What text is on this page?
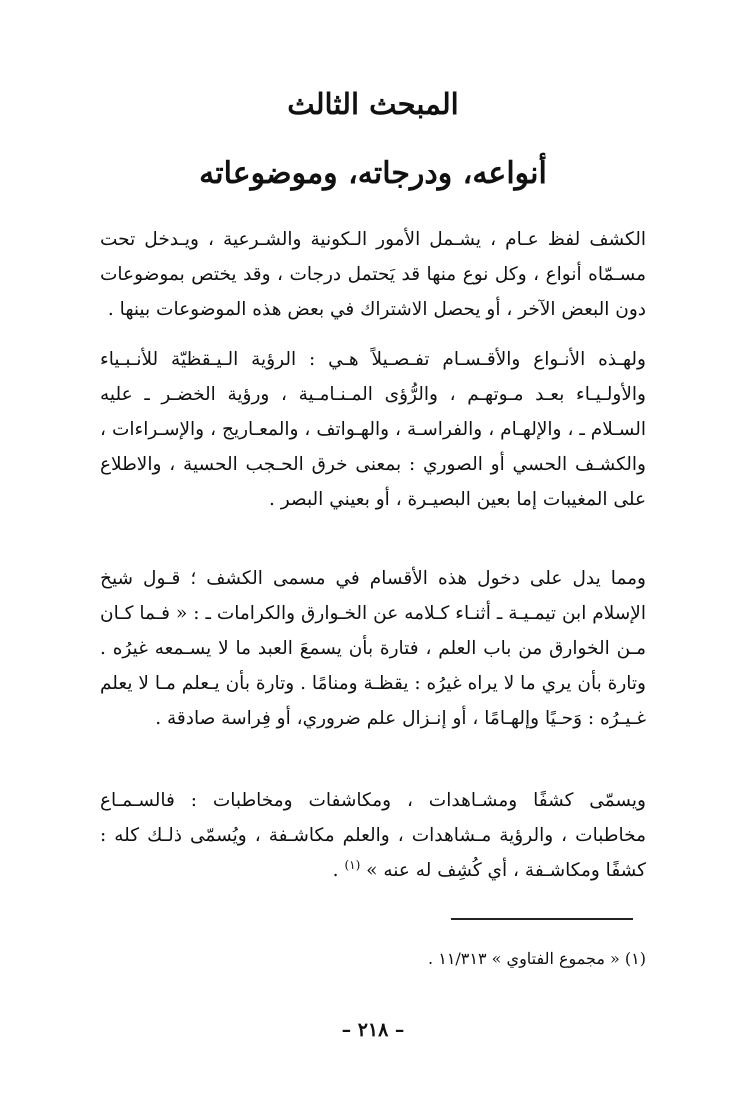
المبحث الثالث
أنواعه، ودرجاته، وموضوعاته

الكشف لفظ عـام ، يشـمل الأمور الـكونية والشـرعية ، ويـدخل تحت مسـمّاه أنواع ، وكل نوع منها قد يَحتمل درجات ، وقد يختص بموضوعات دون البعض الآخر ، أو يحصل الاشتراك في بعض هذه الموضوعات بينها .

ولهـذه الأنـواع والأقـسـام تفـصـيلاً هـي : الرؤية الـيـقظيّة للأنـبـياء والأولـيـاء بعـد مـوتهـم ، والرُّؤى المـنـامـية ، ورؤية الخضـر ـ عليه السـلام ـ ، والإلهـام ، والفراسـة ، والهـواتف ، والمعـاريج ، والإسـراءات ، والكشـف الحسي أو الصوري : بمعنى خرق الحـجب الحسية ، والاطلاع على المغيبات إما بعين البصيـرة ، أو بعيني البصر .

ومما يدل على دخول هذه الأقسام في مسمى الكشف ؛ قـول شيخ الإسلام ابن تيمـيـة ـ أثنـاء كـلامه عن الخـوارق والكرامات ـ : « فـما كـان مـن الخوارق من باب العلم ، فتارة بأن يسمعَ العبد ما لا يسـمعه غيرُه . وتارة بأن يري ما لا يراه غيرُه : يقظـة ومنامًا . وتارة بأن يـعلم مـا لا يعلم غـيـرُه : وَحـيًا وإلهـامًا ، أو إنـزال علم ضروري، أو فِراسة صادقة .

ويسمّى كشفًا ومشـاهدات ، ومكاشفات ومخاطبات : فالسـمـاع مخاطبات ، والرؤية مـشاهدات ، والعلم مكاشـفة ، ويُسمّى ذلـك كله : كشفًا ومكاشـفة ، أي كُشِف له عنه » $^{(١)}$ .

(١) « مجموع الفتاوي » ١١/٣١٣ .

– ٢١٨ –
